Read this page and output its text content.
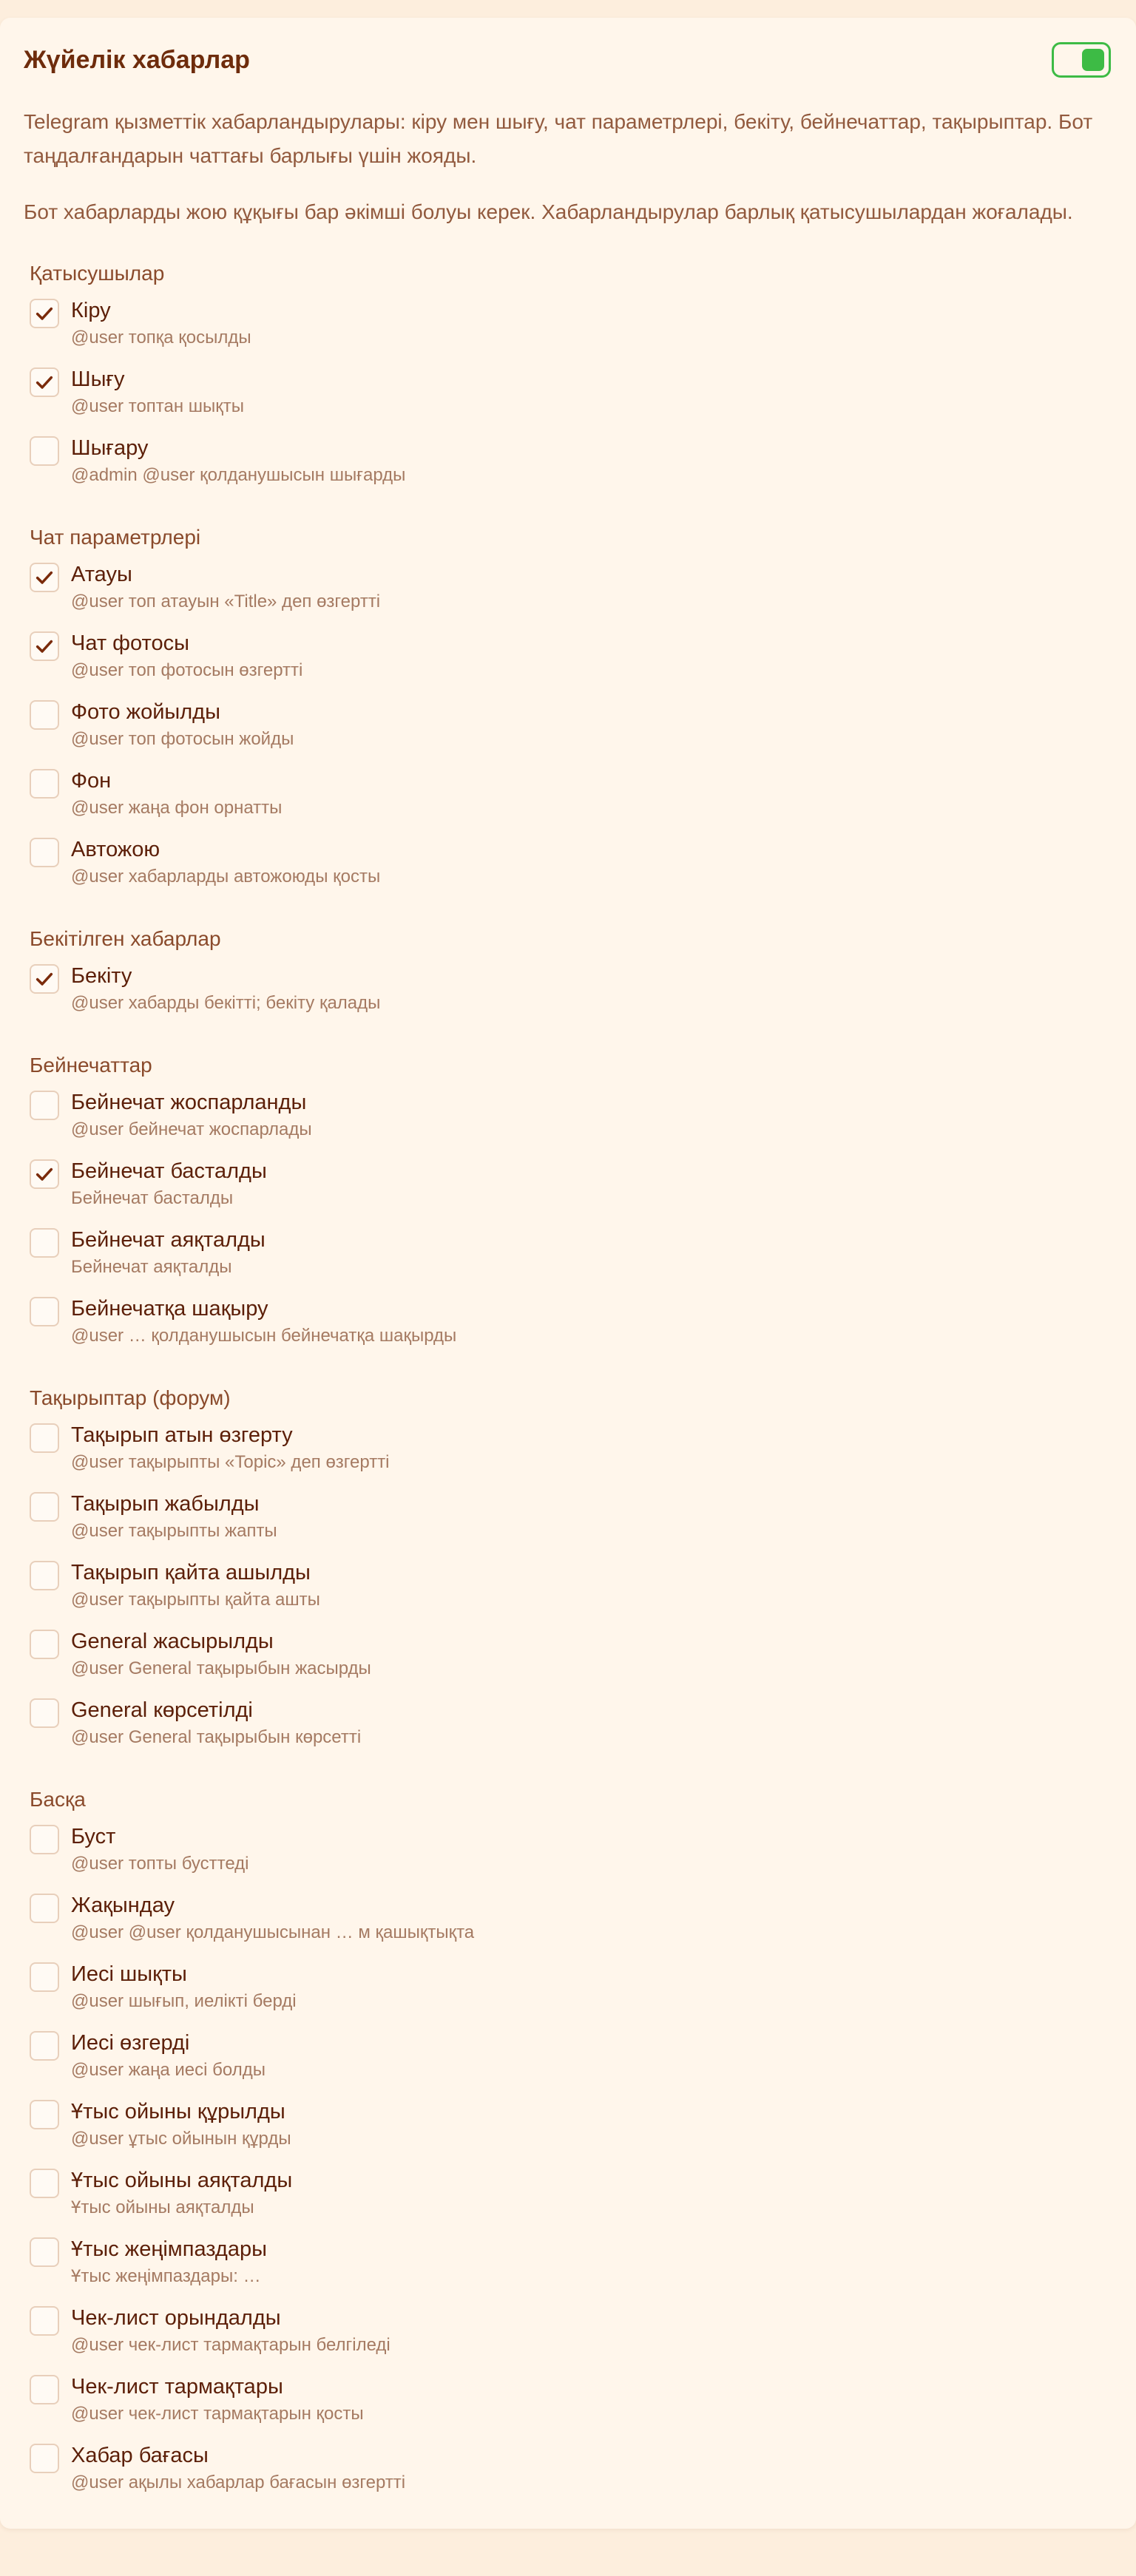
Жүйелік хабарлар

Telegram қызметтік хабарландырулары: кіру мен шығу, чат параметрлері, бекіту, бейнечаттар, тақырыптар. Бот таңдалғандарын чаттағы барлығы үшін жояды.

Бот хабарларды жою құқығы бар әкімші болуы керек. Хабарландырулар барлық қатысушылардан жоғалады.

Қатысушылар
Кіру
@user топқа қосылды
Шығу
@user топтан шықты
Шығару
@admin @user қолданушысын шығарды
Чат параметрлері
Атауы
@user топ атауын «Title» деп өзгертті
Чат фотосы
@user топ фотосын өзгертті
Фото жойылды
@user топ фотосын жойды
Фон
@user жаңа фон орнатты
Автожою
@user хабарларды автожоюды қосты
Бекітілген хабарлар
Бекіту
@user хабарды бекітті; бекіту қалады
Бейнечаттар
Бейнечат жоспарланды
@user бейнечат жоспарлады
Бейнечат басталды
Бейнечат басталды
Бейнечат аяқталды
Бейнечат аяқталды
Бейнечатқа шақыру
@user … қолданушысын бейнечатқа шақырды
Тақырыптар (форум)
Тақырып атын өзгерту
@user тақырыпты «Topic» деп өзгертті
Тақырып жабылды
@user тақырыпты жапты
Тақырып қайта ашылды
@user тақырыпты қайта ашты
General жасырылды
@user General тақырыбын жасырды
General көрсетілді
@user General тақырыбын көрсетті
Басқа
Буст
@user топты бусттеді
Жақындау
@user @user қолданушысынан … м қашықтықта
Иесі шықты
@user шығып, иелікті берді
Иесі өзгерді
@user жаңа иесі болды
Ұтыс ойыны құрылды
@user ұтыс ойынын құрды
Ұтыс ойыны аяқталды
Ұтыс ойыны аяқталды
Ұтыс жеңімпаздары
Ұтыс жеңімпаздары: …
Чек-лист орындалды
@user чек-лист тармақтарын белгіледі
Чек-лист тармақтары
@user чек-лист тармақтарын қосты
Хабар бағасы
@user ақылы хабарлар бағасын өзгертті
